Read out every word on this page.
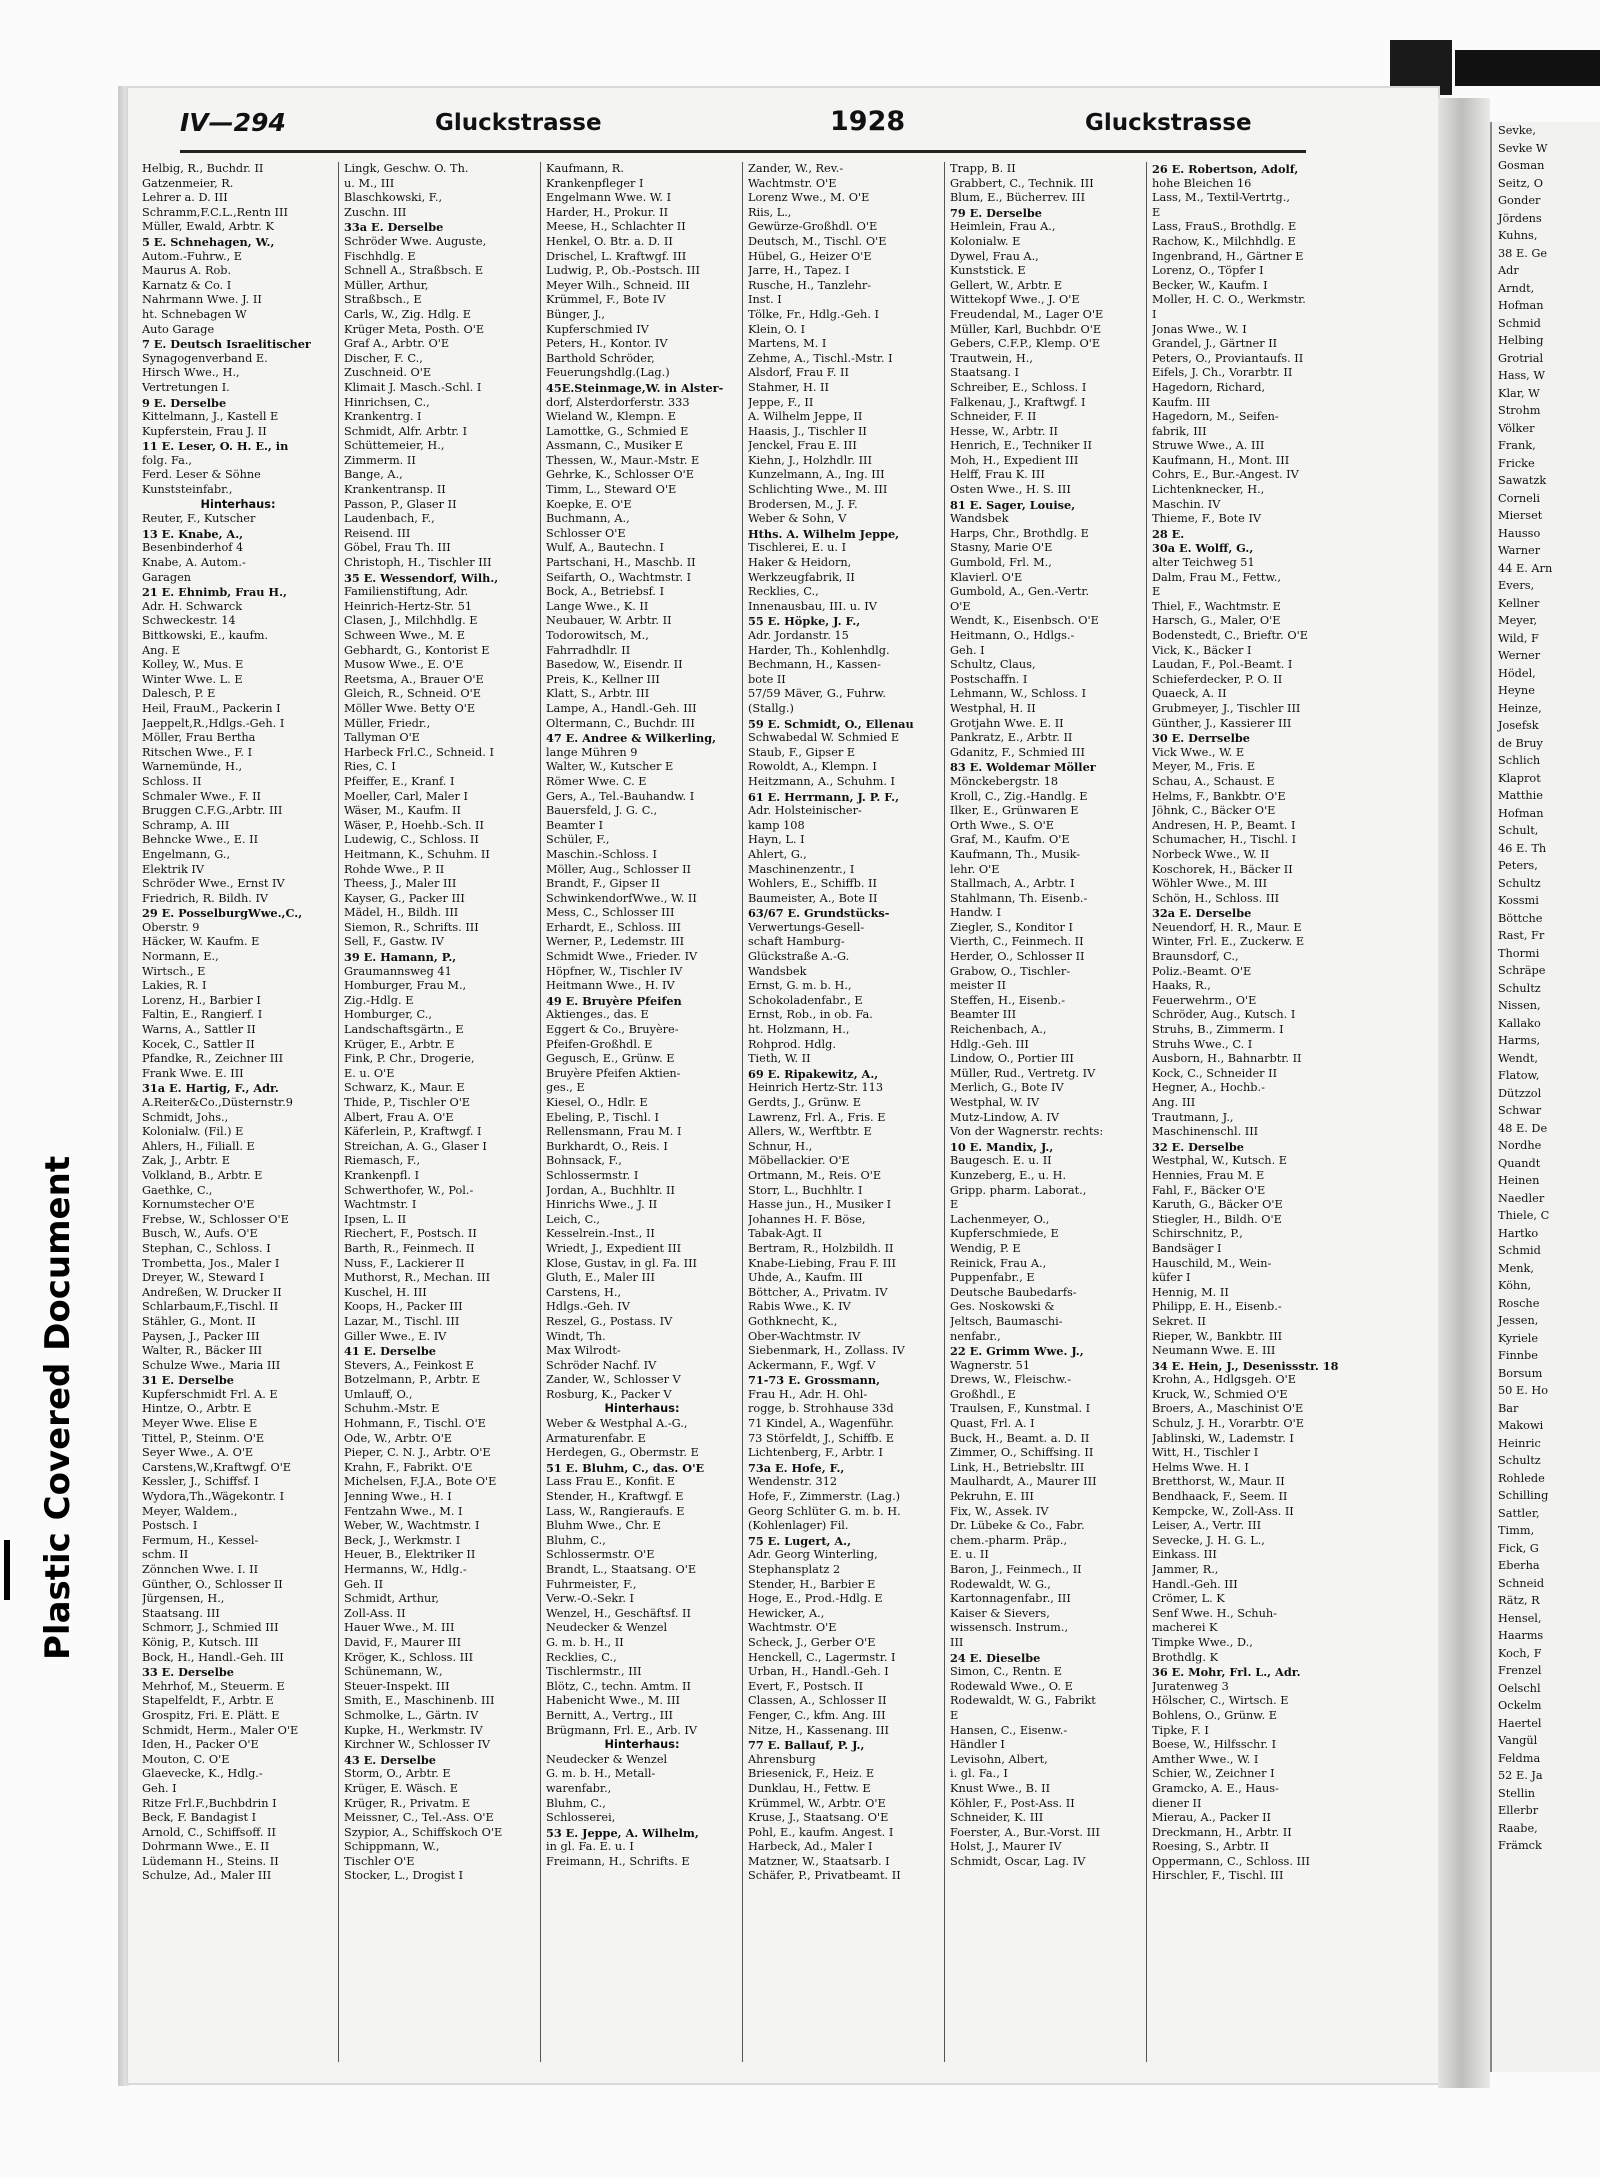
Plastic Covered Document
IV—294	Gluckstrasse	1928	Gluckstrasse
Helbig, R., Buchdr. II
Gatzenmeier, R.
Lehrer a. D. III
Schramm,F.C.L.,Rentn III
Müller, Ewald, Arbtr. K
5 E. Schnehagen, W.,
Autom.-Fuhrw., E
Maurus A. Rob.
Karnatz & Co. I
Nahrmann Wwe. J. II
ht. Schnebagen W
Auto Garage
7 E. Deutsch Israelitischer
Synagogenverband E.
Hirsch Wwe., H.,
Vertretungen I.
9 E. Derselbe
Kittelmann, J., Kastell E
Kupferstein, Frau J. II
11 E. Leser, O. H. E., in
folg. Fa.,
Ferd. Leser & Söhne
Kunststeinfabr.,
Hinterhaus:
Reuter, F., Kutscher
13 E. Knabe, A.,
Besenbinderhof 4
Knabe, A. Autom.-
Garagen
21 E. Ehnimb, Frau H.,
Adr. H. Schwarck
Schweckestr. 14
Bittkowski, E., kaufm.
Ang. E
Kolley, W., Mus. E
Winter Wwe. L. E
Dalesch, P. E
Heil, FrauM., Packerin I
Jaeppelt,R.,Hdlgs.-Geh. I
Möller, Frau Bertha
Ritschen Wwe., F. I
Warnemünde, H.,
Schloss. II
Schmaler Wwe., F. II
Bruggen C.F.G.,Arbtr. III
Schramp, A. III
Behncke Wwe., E. II
Engelmann, G.,
Elektrik IV
Schröder Wwe., Ernst IV
Friedrich, R. Bildh. IV
29 E. PosselburgWwe.,C.,
Oberstr. 9
Häcker, W. Kaufm. E
Normann, E.,
Wirtsch., E
Lakies, R. I
Lorenz, H., Barbier I
Faltin, E., Rangierf. I
Warns, A., Sattler II
Kocek, C., Sattler II
Pfandke, R., Zeichner III
Frank Wwe. E. III
31a E. Hartig, F., Adr.
A.Reiter&Co.,Düsternstr.9
Schmidt, Johs.,
Kolonialw. (Fil.) E
Ahlers, H., Filiall. E
Zak, J., Arbtr. E
Volkland, B., Arbtr. E
Gaethke, C.,
Kornumstecher O'E
Frebse, W., Schlosser O'E
Busch, W., Aufs. O'E
Stephan, C., Schloss. I
Trombetta, Jos., Maler I
Dreyer, W., Steward I
Andreßen, W. Drucker II
Schlarbaum,F.,Tischl. II
Stähler, G., Mont. II
Paysen, J., Packer III
Walter, R., Bäcker III
Schulze Wwe., Maria III
31 E. Derselbe
Kupferschmidt Frl. A. E
Hintze, O., Arbtr. E
Meyer Wwe. Elise E
Tittel, P., Steinm. O'E
Seyer Wwe., A. O'E
Carstens,W.,Kraftwgf. O'E
Kessler, J., Schiffsf. I
Wydora,Th.,Wägekontr. I
Meyer, Waldem.,
Postsch. I
Fermum, H., Kessel-
schm. II
Zönnchen Wwe. I. II
Günther, O., Schlosser II
Jürgensen, H.,
Staatsang. III
Schmorr, J., Schmied III
König, P., Kutsch. III
Bock, H., Handl.-Geh. III
33 E. Derselbe
Mehrhof, M., Steuerm. E
Stapelfeldt, F., Arbtr. E
Grospitz, Fri. E. Plätt. E
Schmidt, Herm., Maler O'E
Iden, H., Packer O'E
Mouton, C. O'E
Glaevecke, K., Hdlg.-
Geh. I
Ritze Frl.F.,Buchbdrin I
Beck, F. Bandagist I
Arnold, C., Schiffsoff. II
Dohrmann Wwe., E. II
Lüdemann H., Steins. II
Schulze, Ad., Maler III
Lingk, Geschw. O. Th.
u. M., III
Blaschkowski, F.,
Zuschn. III
33a E. Derselbe
Schröder Wwe. Auguste,
Fischhdlg. E
Schnell A., Straßbsch. E
Müller, Arthur,
Straßbsch., E
Carls, W., Zig. Hdlg. E
Krüger Meta, Posth. O'E
Graf A., Arbtr. O'E
Discher, F. C.,
Zuschneid. O'E
Klimait J. Masch.-Schl. I
Hinrichsen, C.,
Krankentrg. I
Schmidt, Alfr. Arbtr. I
Schüttemeier, H.,
Zimmerm. II
Bange, A.,
Krankentransp. II
Passon, P., Glaser II
Laudenbach, F.,
Reisend. III
Göbel, Frau Th. III
Christoph, H., Tischler III
35 E. Wessendorf, Wilh.,
Familienstiftung, Adr.
Heinrich-Hertz-Str. 51
Clasen, J., Milchhdlg. E
Schween Wwe., M. E
Gebhardt, G., Kontorist E
Musow Wwe., E. O'E
Reetsma, A., Brauer O'E
Gleich, R., Schneid. O'E
Möller Wwe. Betty O'E
Müller, Friedr.,
Tallyman O'E
Harbeck Frl.C., Schneid. I
Ries, C. I
Pfeiffer, E., Kranf. I
Moeller, Carl, Maler I
Wäser, M., Kaufm. II
Wäser, P., Hoehb.-Sch. II
Ludewig, C., Schloss. II
Heitmann, K., Schuhm. II
Rohde Wwe., P. II
Theess, J., Maler III
Kayser, G., Packer III
Mädel, H., Bildh. III
Siemon, R., Schrifts. III
Sell, F., Gastw. IV
39 E. Hamann, P.,
Graumannsweg 41
Homburger, Frau M.,
Zig.-Hdlg. E
Homburger, C.,
Landschaftsgärtn., E
Krüger, E., Arbtr. E
Fink, P. Chr., Drogerie,
E. u. O'E
Schwarz, K., Maur. E
Thide, P., Tischler O'E
Albert, Frau A. O'E
Käferlein, P., Kraftwgf. I
Streichan, A. G., Glaser I
Riemasch, F.,
Krankenpfl. I
Schwerthofer, W., Pol.-
Wachtmstr. I
Ipsen, L. II
Riechert, F., Postsch. II
Barth, R., Feinmech. II
Nuss, F., Lackierer II
Muthorst, R., Mechan. III
Kuschel, H. III
Koops, H., Packer III
Lazar, M., Tischl. III
Giller Wwe., E. IV
41 E. Derselbe
Stevers, A., Feinkost E
Botzelmann, P., Arbtr. E
Umlauff, O.,
Schuhm.-Mstr. E
Hohmann, F., Tischl. O'E
Ode, W., Arbtr. O'E
Pieper, C. N. J., Arbtr. O'E
Krahn, F., Fabrikt. O'E
Michelsen, F.J.A., Bote O'E
Jenning Wwe., H. I
Fentzahn Wwe., M. I
Weber, W., Wachtmstr. I
Beck, J., Werkmstr. I
Heuer, B., Elektriker II
Hermanns, W., Hdlg.-
Geh. II
Schmidt, Arthur,
Zoll-Ass. II
Hauer Wwe., M. III
David, F., Maurer III
Kröger, K., Schloss. III
Schünemann, W.,
Steuer-Inspekt. III
Smith, E., Maschinenb. III
Schmolke, L., Gärtn. IV
Kupke, H., Werkmstr. IV
Kirchner W., Schlosser IV
43 E. Derselbe
Storm, O., Arbtr. E
Krüger, E. Wäsch. E
Krüger, R., Privatm. E
Meissner, C., Tel.-Ass. O'E
Szypior, A., Schiffskoch O'E
Schippmann, W.,
Tischler O'E
Stocker, L., Drogist I
Kaufmann, R.
Krankenpfleger I
Engelmann Wwe. W. I
Harder, H., Prokur. II
Meese, H., Schlachter II
Henkel, O. Btr. a. D. II
Drischel, L. Kraftwgf. III
Ludwig, P., Ob.-Postsch. III
Meyer Wilh., Schneid. III
Krümmel, F., Bote IV
Bünger, J.,
Kupferschmied IV
Peters, H., Kontor. IV
Barthold Schröder,
Feuerungshdlg.(Lag.)
45E.Steinmage,W. in Alster-
dorf, Alsterdorferstr. 333
Wieland W., Klempn. E
Lamottke, G., Schmied E
Assmann, C., Musiker E
Thessen, W., Maur.-Mstr. E
Gehrke, K., Schlosser O'E
Timm, L., Steward O'E
Koepke, E. O'E
Buchmann, A.,
Schlosser O'E
Wulf, A., Bautechn. I
Partschani, H., Maschb. II
Seifarth, O., Wachtmstr. I
Bock, A., Betriebsf. I
Lange Wwe., K. II
Neubauer, W. Arbtr. II
Todorowitsch, M.,
Fahrradhdlr. II
Basedow, W., Eisendr. II
Preis, K., Kellner III
Klatt, S., Arbtr. III
Lampe, A., Handl.-Geh. III
Oltermann, C., Buchdr. III
47 E. Andree & Wilkerling,
lange Mühren 9
Walter, W., Kutscher E
Römer Wwe. C. E
Gers, A., Tel.-Bauhandw. I
Bauersfeld, J. G. C.,
Beamter I
Schüler, F.,
Maschin.-Schloss. I
Möller, Aug., Schlosser II
Brandt, F., Gipser II
SchwinkendorfWwe., W. II
Mess, C., Schlosser III
Erhardt, E., Schloss. III
Werner, P., Ledemstr. III
Schmidt Wwe., Frieder. IV
Höpfner, W., Tischler IV
Heitmann Wwe., H. IV
49 E. Bruyère Pfeifen
Aktienges., das. E
Eggert & Co., Bruyère-
Pfeifen-Großhdl. E
Gegusch, E., Grünw. E
Bruyère Pfeifen Aktien-
ges., E
Kiesel, O., Hdlr. E
Ebeling, P., Tischl. I
Rellensmann, Frau M. I
Burkhardt, O., Reis. I
Bohnsack, F.,
Schlossermstr. I
Jordan, A., Buchhltr. II
Hinrichs Wwe., J. II
Leich, C.,
Kesselrein.-Inst., II
Wriedt, J., Expedient III
Klose, Gustav, in gl. Fa. III
Gluth, E., Maler III
Carstens, H.,
Hdlgs.-Geh. IV
Reszel, G., Postass. IV
Windt, Th.
Max Wilrodt-
Schröder Nachf. IV
Zander, W., Schlosser V
Rosburg, K., Packer V
Hinterhaus:
Weber & Westphal A.-G.,
Armaturenfabr. E
Herdegen, G., Obermstr. E
51 E. Bluhm, C., das. O'E
Lass Frau E., Konfit. E
Stender, H., Kraftwgf. E
Lass, W., Rangieraufs. E
Bluhm Wwe., Chr. E
Bluhm, C.,
Schlossermstr. O'E
Brandt, L., Staatsang. O'E
Fuhrmeister, F.,
Verw.-O.-Sekr. I
Wenzel, H., Geschäftsf. II
Neudecker & Wenzel
G. m. b. H., II
Recklies, C.,
Tischlermstr., III
Blötz, C., techn. Amtm. II
Habenicht Wwe., M. III
Bernitt, A., Vertrg., III
Brügmann, Frl. E., Arb. IV
Hinterhaus:
Neudecker & Wenzel
G. m. b. H., Metall-
warenfabr.,
Bluhm, C.,
Schlosserei,
53 E. Jeppe, A. Wilhelm,
in gl. Fa. E. u. I
Freimann, H., Schrifts. E
Zander, W., Rev.-
Wachtmstr. O'E
Lorenz Wwe., M. O'E
Riis, L.,
Gewürze-Großhdl. O'E
Deutsch, M., Tischl. O'E
Hübel, G., Heizer O'E
Jarre, H., Tapez. I
Rusche, H., Tanzlehr-
Inst. I
Tölke, Fr., Hdlg.-Geh. I
Klein, O. I
Martens, M. I
Zehme, A., Tischl.-Mstr. I
Alsdorf, Frau F. II
Stahmer, H. II
Jeppe, F., II
A. Wilhelm Jeppe, II
Haasis, J., Tischler II
Jenckel, Frau E. III
Kiehn, J., Holzhdlr. III
Kunzelmann, A., Ing. III
Schlichting Wwe., M. III
Brodersen, M., J. F.
Weber & Sohn, V
Hths. A. Wilhelm Jeppe,
Tischlerei, E. u. I
Haker & Heidorn,
Werkzeugfabrik, II
Recklies, C.,
Innenausbau, III. u. IV
55 E. Höpke, J. F.,
Adr. Jordanstr. 15
Harder, Th., Kohlenhdlg.
Bechmann, H., Kassen-
bote II
57/59 Mäver, G., Fuhrw.
(Stallg.)
59 E. Schmidt, O., Ellenau
Schwabedal W. Schmied E
Staub, F., Gipser E
Rowoldt, A., Klempn. I
Heitzmann, A., Schuhm. I
61 E. Herrmann, J. P. F.,
Adr. Holsteinischer-
kamp 108
Hayn, L. I
Ahlert, G.,
Maschinenzentr., I
Wohlers, E., Schiffb. II
Baumeister, A., Bote II
63/67 E. Grundstücks-
Verwertungs-Gesell-
schaft Hamburg-
Glückstraße A.-G.
Wandsbek
Ernst, G. m. b. H.,
Schokoladenfabr., E
Ernst, Rob., in ob. Fa.
ht. Holzmann, H.,
Rohprod. Hdlg.
Tieth, W. II
69 E. Ripakewitz, A.,
Heinrich Hertz-Str. 113
Gerdts, J., Grünw. E
Lawrenz, Frl. A., Fris. E
Allers, W., Werftbtr. E
Schnur, H.,
Möbellackier. O'E
Ortmann, M., Reis. O'E
Storr, L., Buchhltr. I
Hasse jun., H., Musiker I
Johannes H. F. Böse,
Tabak-Agt. II
Bertram, R., Holzbildh. II
Knabe-Liebing, Frau F. III
Uhde, A., Kaufm. III
Böttcher, A., Privatm. IV
Rabis Wwe., K. IV
Gothknecht, K.,
Ober-Wachtmstr. IV
Siebenmark, H., Zollass. IV
Ackermann, F., Wgf. V
71-73 E. Grossmann,
Frau H., Adr. H. Ohl-
rogge, b. Strohhause 33d
71 Kindel, A., Wagenführ.
73 Störfeldt, J., Schiffb. E
Lichtenberg, F., Arbtr. I
73a E. Hofe, F.,
Wendenstr. 312
Hofe, F., Zimmerstr. (Lag.)
Georg Schlüter G. m. b. H.
(Kohlenlager) Fil.
75 E. Lugert, A.,
Adr. Georg Winterling,
Stephansplatz 2
Stender, H., Barbier E
Hoge, E., Prod.-Hdlg. E
Hewicker, A.,
Wachtmstr. O'E
Scheck, J., Gerber O'E
Henckell, C., Lagermstr. I
Urban, H., Handl.-Geh. I
Evert, F., Postsch. II
Classen, A., Schlosser II
Fenger, C., kfm. Ang. III
Nitze, H., Kassenang. III
77 E. Ballauf, P. J.,
Ahrensburg
Briesenick, F., Heiz. E
Dunklau, H., Fettw. E
Krümmel, W., Arbtr. O'E
Kruse, J., Staatsang. O'E
Pohl, E., kaufm. Angest. I
Harbeck, Ad., Maler I
Matzner, W., Staatsarb. I
Schäfer, P., Privatbeamt. II
Trapp, B. II
Grabbert, C., Technik. III
Blum, E., Bücherrev. III
79 E. Derselbe
Heimlein, Frau A.,
Kolonialw. E
Dywel, Frau A.,
Kunststick. E
Gellert, W., Arbtr. E
Wittekopf Wwe., J. O'E
Freudendal, M., Lager O'E
Müller, Karl, Buchbdr. O'E
Gebers, C.F.P., Klemp. O'E
Trautwein, H.,
Staatsang. I
Schreiber, E., Schloss. I
Falkenau, J., Kraftwgf. I
Schneider, F. II
Hesse, W., Arbtr. II
Henrich, E., Techniker II
Moh, H., Expedient III
Helff, Frau K. III
Osten Wwe., H. S. III
81 E. Sager, Louise,
Wandsbek
Harps, Chr., Brothdlg. E
Stasny, Marie O'E
Gumbold, Frl. M.,
Klavierl. O'E
Gumbold, A., Gen.-Vertr.
O'E
Wendt, K., Eisenbsch. O'E
Heitmann, O., Hdlgs.-
Geh. I
Schultz, Claus,
Postschaffn. I
Lehmann, W., Schloss. I
Westphal, H. II
Grotjahn Wwe. E. II
Pankratz, E., Arbtr. II
Gdanitz, F., Schmied III
83 E. Woldemar Möller
Mönckebergstr. 18
Kroll, C., Zig.-Handlg. E
Ilker, E., Grünwaren E
Orth Wwe., S. O'E
Graf, M., Kaufm. O'E
Kaufmann, Th., Musik-
lehr. O'E
Stallmach, A., Arbtr. I
Stahlmann, Th. Eisenb.-
Handw. I
Ziegler, S., Konditor I
Vierth, C., Feinmech. II
Herder, O., Schlosser II
Grabow, O., Tischler-
meister II
Steffen, H., Eisenb.-
Beamter III
Reichenbach, A.,
Hdlg.-Geh. III
Lindow, O., Portier III
Müller, Rud., Vertretg. IV
Merlich, G., Bote IV
Westphal, W. IV
Mutz-Lindow, A. IV
Von der Wagnerstr. rechts:
10 E. Mandix, J.,
Baugesch. E. u. II
Kunzeberg, E., u. H.
Gripp. pharm. Laborat.,
E
Lachenmeyer, O.,
Kupferschmiede, E
Wendig, P. E
Reinick, Frau A.,
Puppenfabr., E
Deutsche Baubedarfs-
Ges. Noskowski &
Jeltsch, Baumaschi-
nenfabr.,
22 E. Grimm Wwe. J.,
Wagnerstr. 51
Drews, W., Fleischw.-
Großhdl., E
Traulsen, F., Kunstmal. I
Quast, Frl. A. I
Buck, H., Beamt. a. D. II
Zimmer, O., Schiffsing. II
Link, H., Betriebsltr. III
Maulhardt, A., Maurer III
Pekruhn, E. III
Fix, W., Assek. IV
Dr. Lübeke & Co., Fabr.
chem.-pharm. Präp.,
E. u. II
Baron, J., Feinmech., II
Rodewaldt, W. G.,
Kartonnagenfabr., III
Kaiser & Sievers,
wissensch. Instrum.,
III
24 E. Dieselbe
Simon, C., Rentn. E
Rodewald Wwe., O. E
Rodewaldt, W. G., Fabrikt
E
Hansen, C., Eisenw.-
Händler I
Levisohn, Albert,
i. gl. Fa., I
Knust Wwe., B. II
Köhler, F., Post-Ass. II
Schneider, K. III
Foerster, A., Bur.-Vorst. III
Holst, J., Maurer IV
Schmidt, Oscar, Lag. IV
26 E. Robertson, Adolf,
hohe Bleichen 16
Lass, M., Textil-Vertrtg.,
E
Lass, FrauS., Brothdlg. E
Rachow, K., Milchhdlg. E
Ingenbrand, H., Gärtner E
Lorenz, O., Töpfer I
Becker, W., Kaufm. I
Moller, H. C. O., Werkmstr.
I
Jonas Wwe., W. I
Grandel, J., Gärtner II
Peters, O., Proviantaufs. II
Eifels, J. Ch., Vorarbtr. II
Hagedorn, Richard,
Kaufm. III
Hagedorn, M., Seifen-
fabrik, III
Struwe Wwe., A. III
Kaufmann, H., Mont. III
Cohrs, E., Bur.-Angest. IV
Lichtenknecker, H.,
Maschin. IV
Thieme, F., Bote IV
28 E.
30a E. Wolff, G.,
alter Teichweg 51
Dalm, Frau M., Fettw.,
E
Thiel, F., Wachtmstr. E
Harsch, G., Maler, O'E
Bodenstedt, C., Brieftr. O'E
Vick, K., Bäcker I
Laudan, F., Pol.-Beamt. I
Schieferdecker, P. O. II
Quaeck, A. II
Grubmeyer, J., Tischler III
Günther, J., Kassierer III
30 E. Derrselbe
Vick Wwe., W. E
Meyer, M., Fris. E
Schau, A., Schaust. E
Helms, F., Bankbtr. O'E
Jöhnk, C., Bäcker O'E
Andresen, H. P., Beamt. I
Schumacher, H., Tischl. I
Norbeck Wwe., W. II
Koschorek, H., Bäcker II
Wöhler Wwe., M. III
Schön, H., Schloss. III
32a E. Derselbe
Neuendorf, H. R., Maur. E
Winter, Frl. E., Zuckerw. E
Braunsdorf, C.,
Poliz.-Beamt. O'E
Haaks, R.,
Feuerwehrm., O'E
Schröder, Aug., Kutsch. I
Struhs, B., Zimmerm. I
Struhs Wwe., C. I
Ausborn, H., Bahnarbtr. II
Kock, C., Schneider II
Hegner, A., Hochb.-
Ang. III
Trautmann, J.,
Maschinenschl. III
32 E. Derselbe
Westphal, W., Kutsch. E
Hennies, Frau M. E
Fahl, F., Bäcker O'E
Karuth, G., Bäcker O'E
Stiegler, H., Bildh. O'E
Schirschnitz, P.,
Bandsäger I
Hauschild, M., Wein-
küfer I
Hennig, M. II
Philipp, E. H., Eisenb.-
Sekret. II
Rieper, W., Bankbtr. III
Neumann Wwe. E. III
34 E. Hein, J., Desenissstr. 18
Krohn, A., Hdlgsgeh. O'E
Kruck, W., Schmied O'E
Broers, A., Maschinist O'E
Schulz, J. H., Vorarbtr. O'E
Jablinski, W., Lademstr. I
Witt, H., Tischler I
Helms Wwe. H. I
Bretthorst, W., Maur. II
Bendhaack, F., Seem. II
Kempcke, W., Zoll-Ass. II
Leiser, A., Vertr. III
Sevecke, J. H. G. L.,
Einkass. III
Jammer, R.,
Handl.-Geh. III
Crömer, L. K
Senf Wwe. H., Schuh-
macherei K
Timpke Wwe., D.,
Brothdlg. K
36 E. Mohr, Frl. L., Adr.
Juratenweg 3
Hölscher, C., Wirtsch. E
Bohlens, O., Grünw. E
Tipke, F. I
Boese, W., Hilfsschr. I
Amther Wwe., W. I
Schier, W., Zeichner I
Gramcko, A. E., Haus-
diener II
Mierau, A., Packer II
Dreckmann, H., Arbtr. II
Roesing, S., Arbtr. II
Oppermann, C., Schloss. III
Hirschler, F., Tischl. III
Sevke,
Sevke W
Gosman
Seitz, O
Gonder
Jördens
Kuhns,
38 E. Ge
Adr
Arndt,
Hofman
Schmid
Helbing
Grotrial
Hass, W
Klar, W
Strohm
Völker
Frank,
Fricke
Sawatzk
Corneli
Mierset
Hausso
Warner
44 E. Arn
Evers,
Kellner
Meyer,
Wild, F
Werner
Hödel,
Heyne
Heinze,
Josefsk
de Bruy
Schlich
Klaprot
Matthie
Hofman
Schult,
46 E. Th
Peters,
Schultz
Kossmi
Böttche
Rast, Fr
Thormi
Schräpe
Schultz
Nissen,
Kallako
Harms,
Wendt,
Flatow,
Dützzol
Schwar
48 E. De
Nordhe
Quandt
Heinen
Naedler
Thiele, C
Hartko
Schmid
Menk,
Köhn,
Rosche
Jessen,
Kyriele
Finnbe
Borsum
50 E. Ho
Bar
Makowi
Heinric
Schultz
Rohlede
Schilling
Sattler,
Timm,
Fick, G
Eberha
Schneid
Rätz, R
Hensel,
Haarms
Koch, F
Frenzel
Oelschl
Ockelm
Haertel
Vangül
Feldma
52 E. Ja
Stellin
Ellerbr
Raabe,
Främck
